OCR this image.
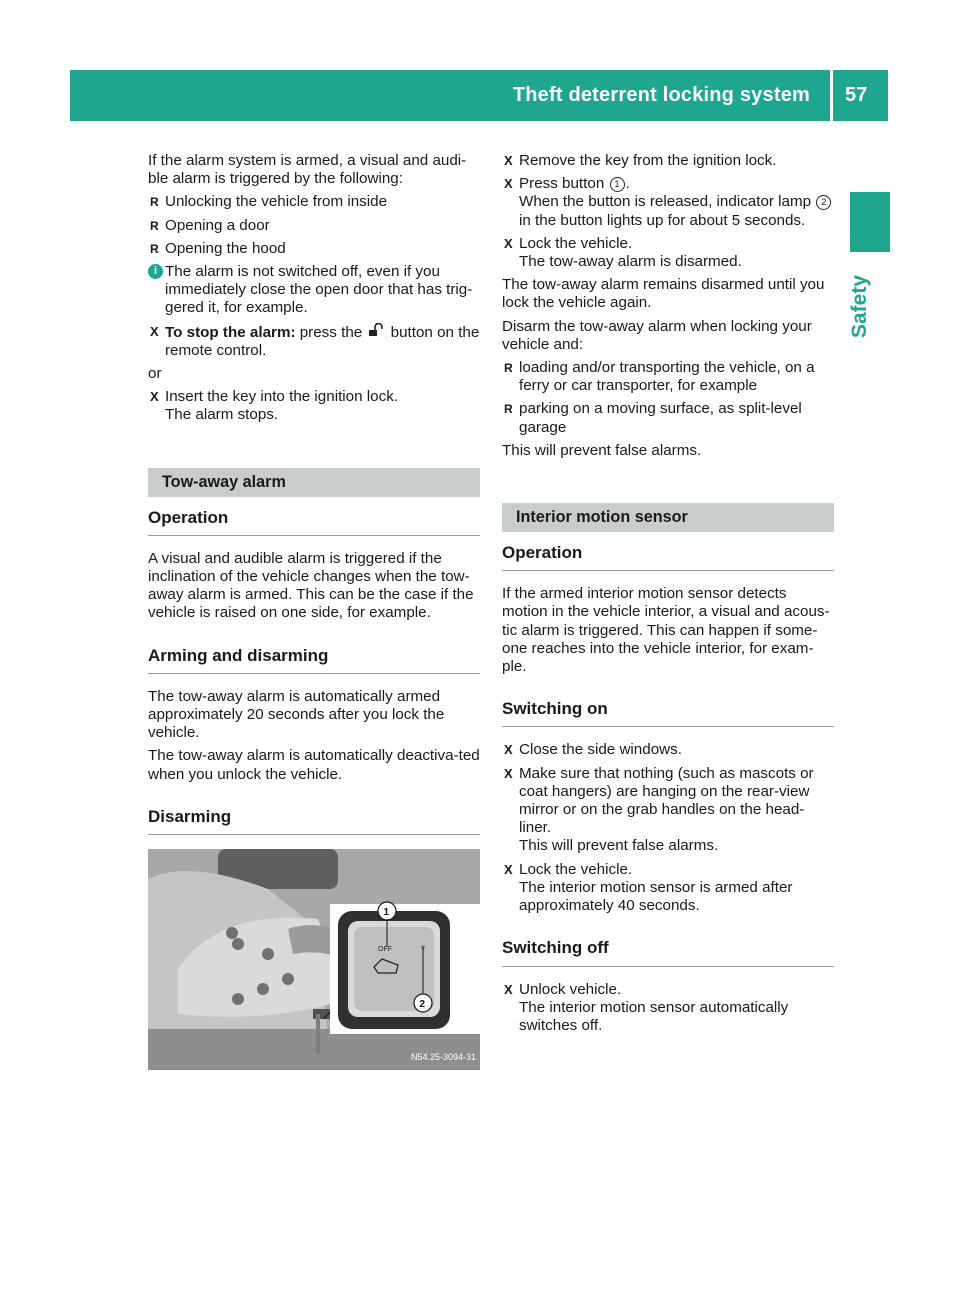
Theft deterrent locking system 57
Safety

If the alarm system is armed, a visual and audi-ble alarm is triggered by the following:

R Unlocking the vehicle from inside
R Opening a door
R Opening the hood
i The alarm is not switched off, even if you immediately close the open door that has trig-gered it, for example.
X To stop the alarm: press the  button on the remote control.

or

X Insert the key into the ignition lock.
The alarm stops.
Tow-away alarm
Operation

A visual and audible alarm is triggered if the inclination of the vehicle changes when the tow-away alarm is armed. This can be the case if the vehicle is raised on one side, for example.

Arming and disarming

The tow-away alarm is automatically armed approximately 20 seconds after you lock the vehicle.

The tow-away alarm is automatically deactiva-ted when you unlock the vehicle.

Disarming
OFF
1
2
N54.25-3094-31
X Remove the key from the ignition lock.
X Press button 1 .
When the button is released, indicator lamp 2 in the button lights up for about 5 seconds.
X Lock the vehicle.
The tow-away alarm is disarmed.

The tow-away alarm remains disarmed until you lock the vehicle again.

Disarm the tow-away alarm when locking your vehicle and:

R loading and/or transporting the vehicle, on a ferry or car transporter, for example
R parking on a moving surface, as split-level garage

This will prevent false alarms.

Interior motion sensor
Operation

If the armed interior motion sensor detects motion in the vehicle interior, a visual and acous-tic alarm is triggered. This can happen if some-one reaches into the vehicle interior, for exam-ple.

Switching on
X Close the side windows.
X Make sure that nothing (such as mascots or coat hangers) are hanging on the rear-view mirror or on the grab handles on the head-liner.
This will prevent false alarms.
X Lock the vehicle.
The interior motion sensor is armed after approximately 40 seconds.
Switching off
X Unlock vehicle.
The interior motion sensor automatically switches off.
